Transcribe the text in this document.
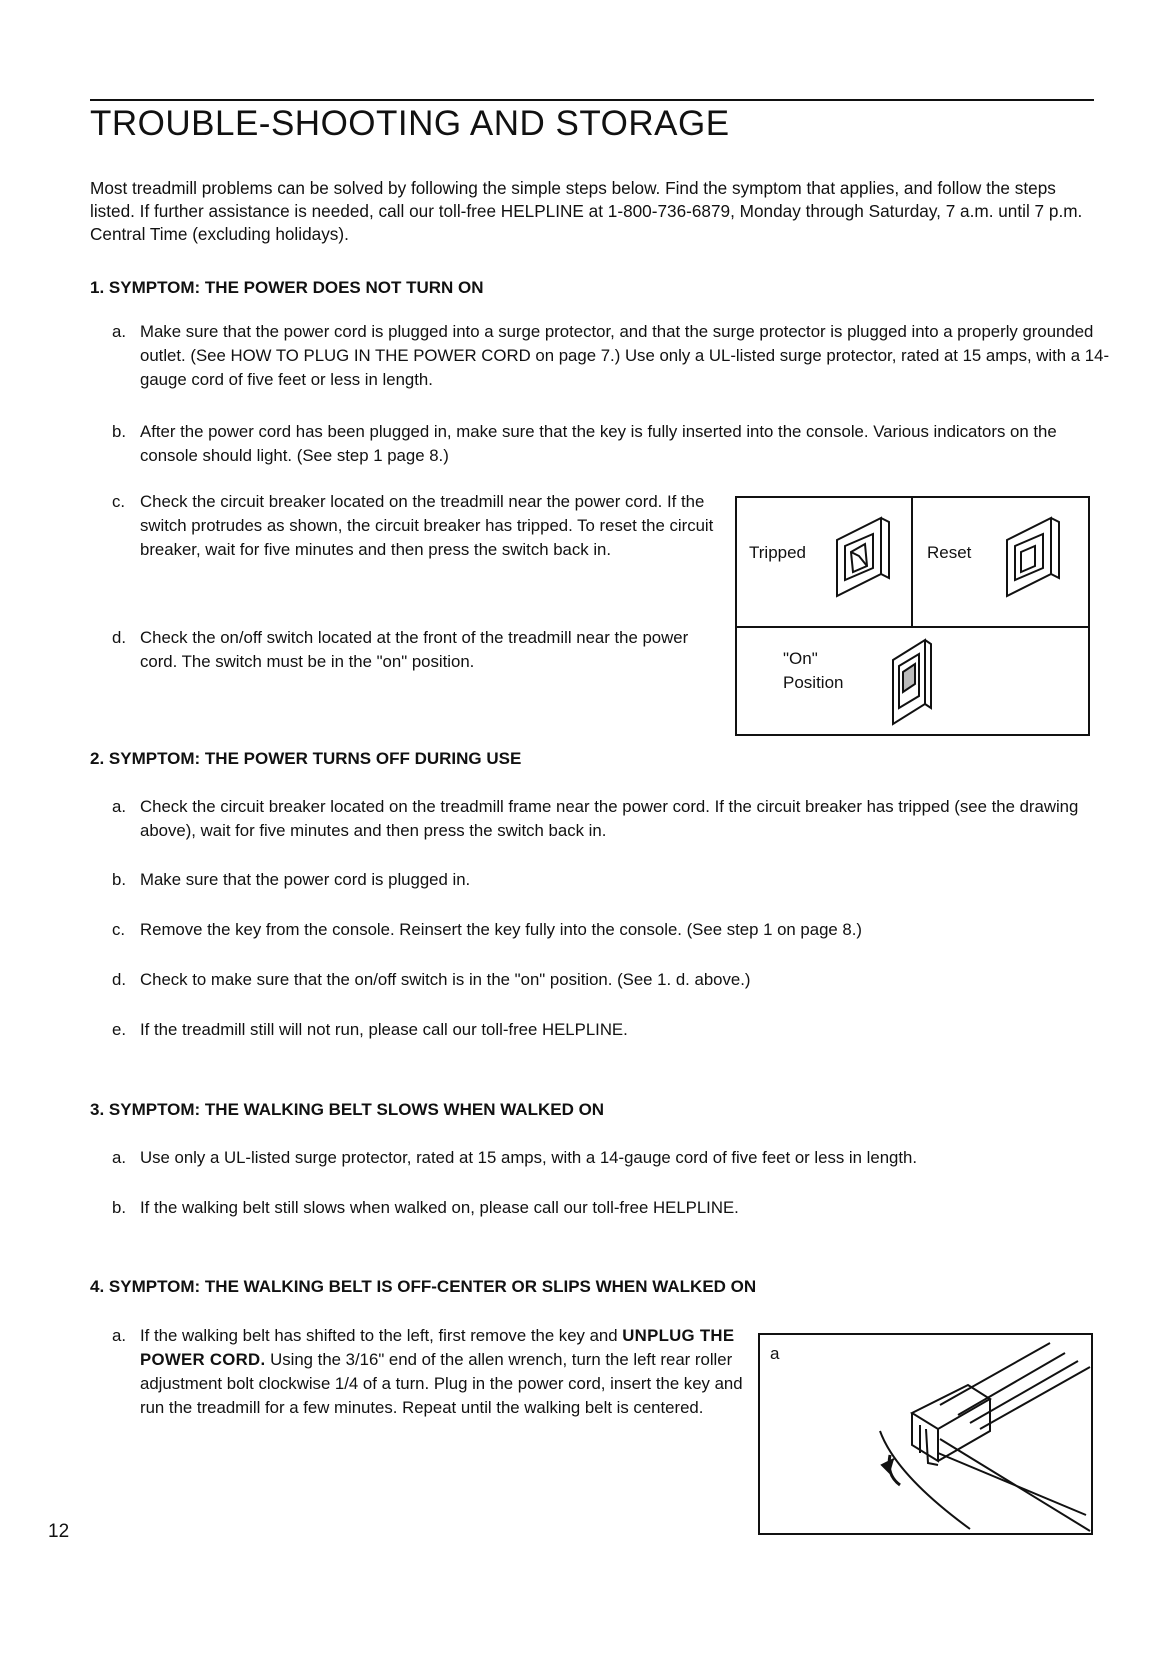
TROUBLE-SHOOTING AND STORAGE

Most treadmill problems can be solved by following the simple steps below. Find the symptom that applies, and follow the steps listed. If further assistance is needed, call our toll-free HELPLINE at 1-800-736-6879, Monday through Saturday, 7 a.m. until 7 p.m. Central Time (excluding holidays).

1. SYMPTOM: THE POWER DOES NOT TURN ON

a. Make sure that the power cord is plugged into a surge protector, and that the surge protector is plugged into a properly grounded outlet. (See HOW TO PLUG IN THE POWER CORD on page 7.) Use only a UL-listed surge protector, rated at 15 amps, with a 14-gauge cord of five feet or less in length.

b. After the power cord has been plugged in, make sure that the key is fully inserted into the console. Various indicators on the console should light. (See step 1 page 8.)

c. Check the circuit breaker located on the treadmill near the power cord. If the switch protrudes as shown, the circuit breaker has tripped. To reset the circuit breaker, wait for five minutes and then press the switch back in.

d. Check the on/off switch located at the front of the treadmill near the power cord. The switch must be in the "on" position.

Tripped	Reset
"On"
Position
2. SYMPTOM: THE POWER TURNS OFF DURING USE

a. Check the circuit breaker located on the treadmill frame near the power cord. If the circuit breaker has tripped (see the drawing above), wait for five minutes and then press the switch back in.

b. Make sure that the power cord is plugged in.

c. Remove the key from the console. Reinsert the key fully into the console. (See step 1 on page 8.)

d. Check to make sure that the on/off switch is in the "on" position. (See 1. d. above.)

e. If the treadmill still will not run, please call our toll-free HELPLINE.

3. SYMPTOM: THE WALKING BELT SLOWS WHEN WALKED ON

a. Use only a UL-listed surge protector, rated at 15 amps, with a 14-gauge cord of five feet or less in length.

b. If the walking belt still slows when walked on, please call our toll-free HELPLINE.

4. SYMPTOM: THE WALKING BELT IS OFF-CENTER OR SLIPS WHEN WALKED ON

a. If the walking belt has shifted to the left, first remove the key and UNPLUG THE POWER CORD. Using the 3/16" end of the allen wrench, turn the left rear roller adjustment bolt clockwise 1/4 of a turn. Plug in the power cord, insert the key and run the treadmill for a few minutes. Repeat until the walking belt is centered.

a
12
